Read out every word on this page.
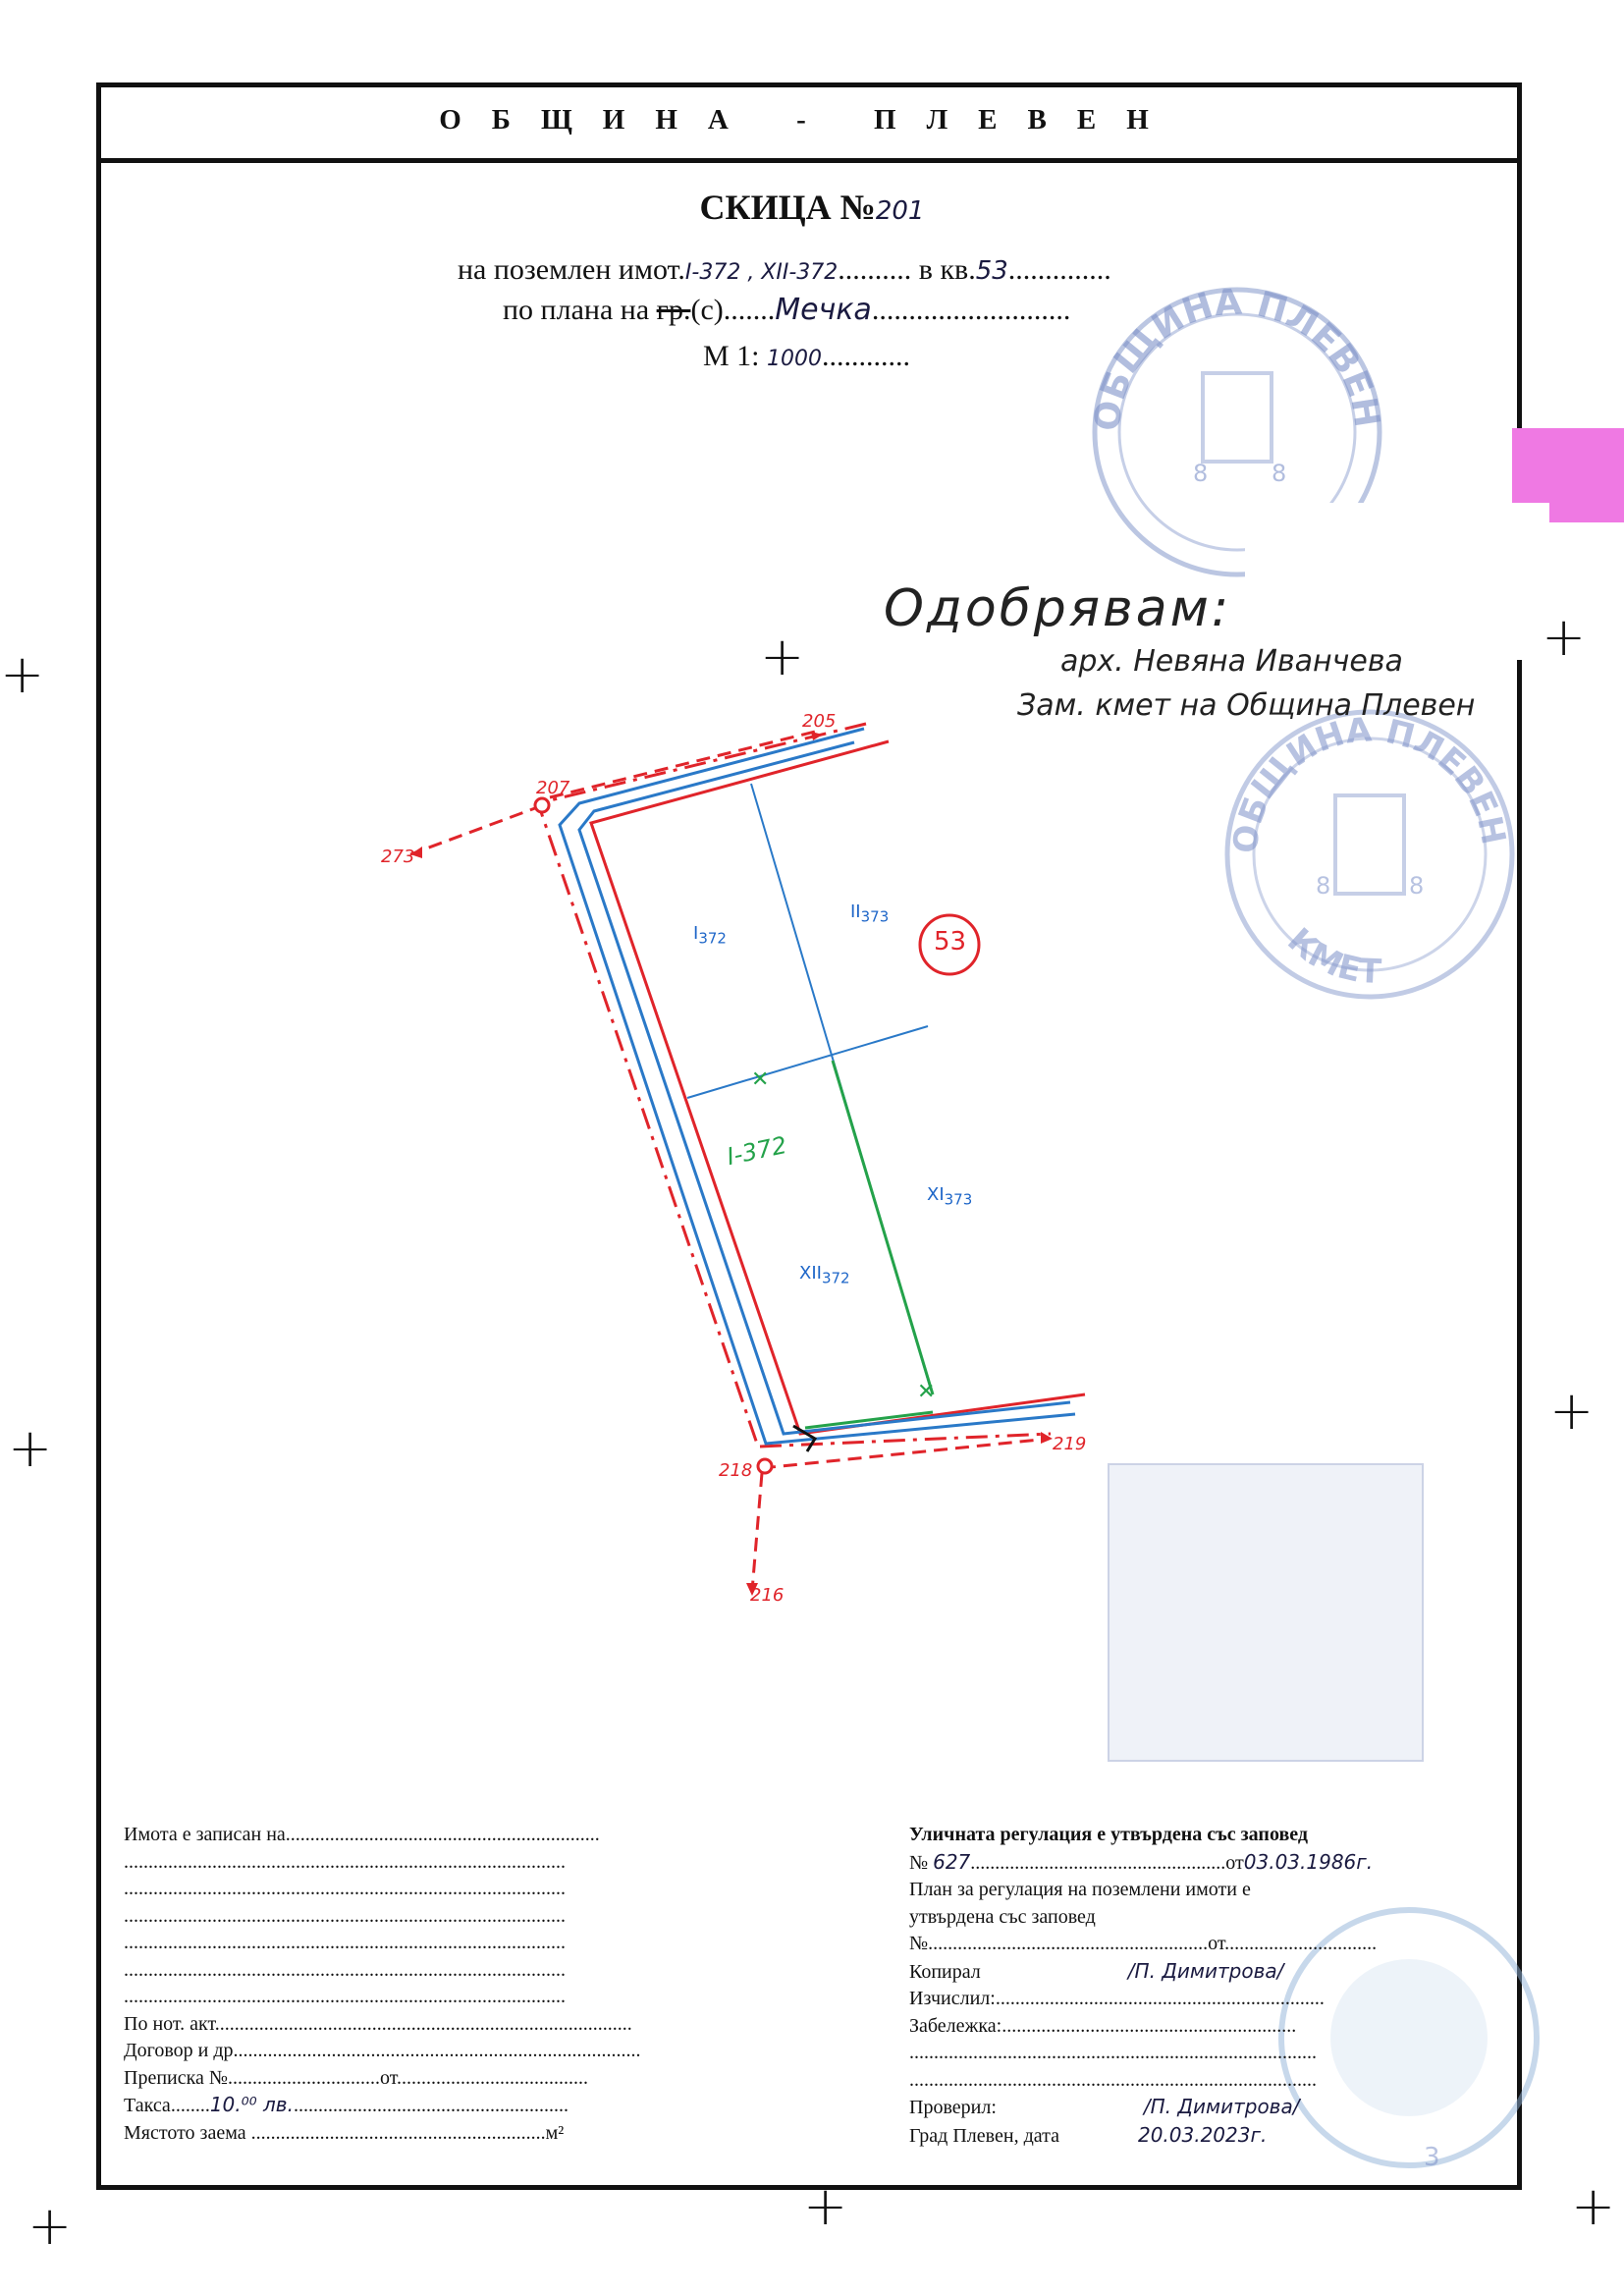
ОБЩИНА - ПЛЕВЕН
СКИЦА №201
на поземлен имот.I-372 , XII-372.......... в кв.53..............
по плана на гр.(с).......Мечка...........................
М 1: 1000............
ОБЩИНА ПЛЕВЕН
8	8
ОБЩИНА ПЛЕВЕН
КМЕТ
8	8
3
Одобрявам:
арх. Невяна Иванчева
Зам. кмет на Община Плевен
✕
✕
205
207
273
218
219
216
53
$I_{372}$
$II_{373}$
$XII_{372}$
$XI_{373}$
I-372
+
+
+
+
+
+	+	+
Имота е записан на................................................................
..........................................................................................
..........................................................................................
..........................................................................................
..........................................................................................
..........................................................................................
..........................................................................................
По нот. акт.....................................................................................
Договор и др...................................................................................
Преписка №...............................от.......................................
Такса........10.⁰⁰ лв.........................................................
Мястото заема ............................................................м²
Уличната регулация е утвърдена със заповед
№ 627....................................................от03.03.1986г.
План за регулация на поземлени имоти е
утвърдена със заповед
№.........................................................от...............................
Копирал	/П. Димитрова/
Изчислил:...................................................................
Забележка:............................................................
...................................................................................
...................................................................................
Проверил:	/П. Димитрова/
Град Плевен, дата	20.03.2023г.
